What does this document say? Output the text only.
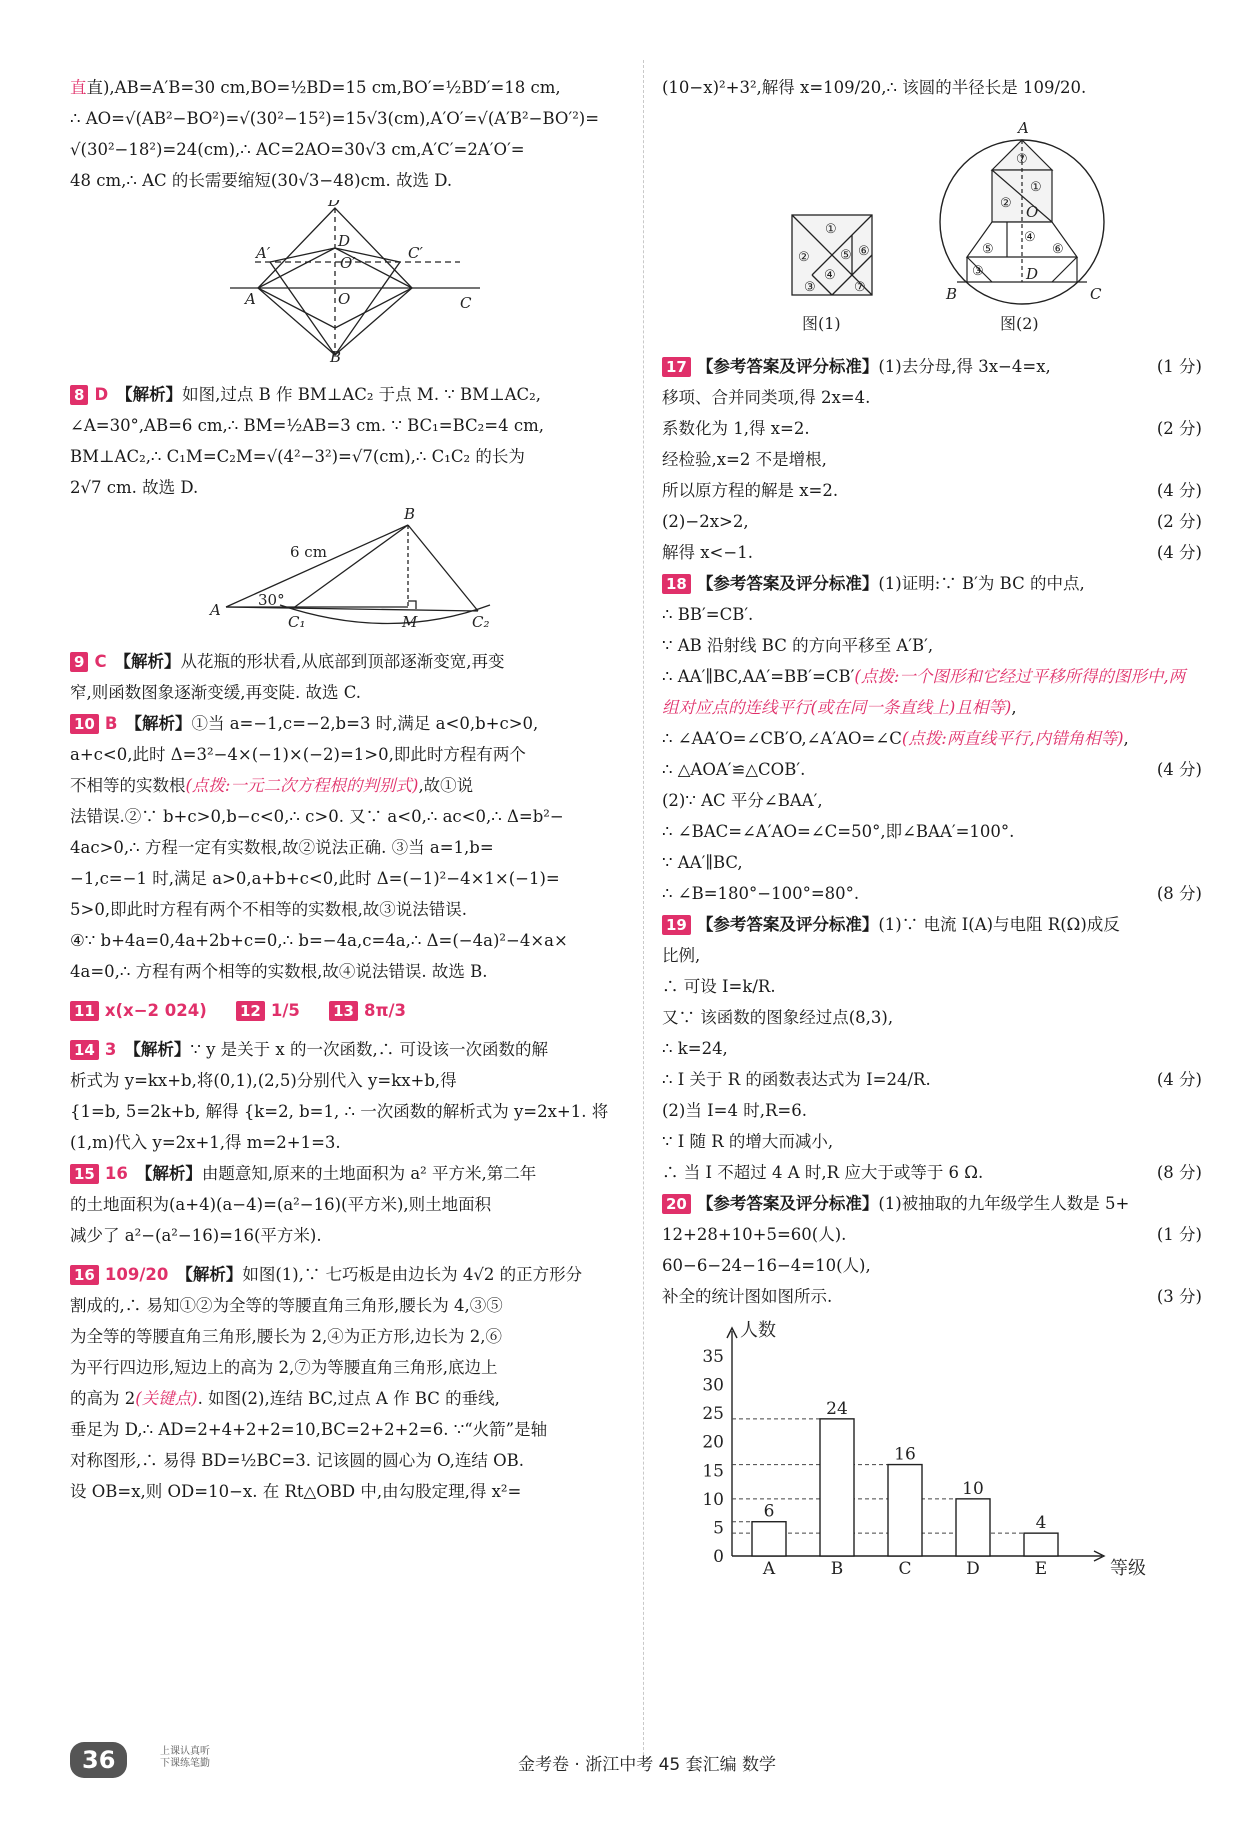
直直),AB=A′B=30 cm,BO=½BD=15 cm,BO′=½BD′=18 cm,
∴ AO=√(AB²−BO²)=√(30²−15²)=15√3(cm),A′O′=√(A′B²−BO′²)=
√(30²−18²)=24(cm),∴ AC=2AO=30√3 cm,A′C′=2A′O′=
48 cm,∴ AC 的长需要缩短(30√3−48)cm. 故选 D.
D′
D
A′
O′
C′
A	O	C
B
8 D 【解析】如图,过点 B 作 BM⊥AC₂ 于点 M. ∵ BM⊥AC₂,
∠A=30°,AB=6 cm,∴ BM=½AB=3 cm. ∵ BC₁=BC₂=4 cm,
BM⊥AC₂,∴ C₁M=C₂M=√(4²−3²)=√7(cm),∴ C₁C₂ 的长为
2√7 cm. 故选 D.
B
6 cm
30°
A
C₁	M	C₂
9 C 【解析】从花瓶的形状看,从底部到顶部逐渐变宽,再变
窄,则函数图象逐渐变缓,再变陡. 故选 C.
10 B 【解析】①当 a=−1,c=−2,b=3 时,满足 a<0,b+c>0,
a+c<0,此时 Δ=3²−4×(−1)×(−2)=1>0,即此时方程有两个
不相等的实数根(点拨:一元二次方程根的判别式),故①说
法错误.②∵ b+c>0,b−c<0,∴ c>0. 又∵ a<0,∴ ac<0,∴ Δ=b²−
4ac>0,∴ 方程一定有实数根,故②说法正确. ③当 a=1,b=
−1,c=−1 时,满足 a>0,a+b+c<0,此时 Δ=(−1)²−4×1×(−1)=
5>0,即此时方程有两个不相等的实数根,故③说法错误.
④∵ b+4a=0,4a+2b+c=0,∴ b=−4a,c=4a,∴ Δ=(−4a)²−4×a×
4a=0,∴ 方程有两个相等的实数根,故④说法错误. 故选 B.
11 x(x−2 024) 12 1/5 13 8π/3
14 3 【解析】∵ y 是关于 x 的一次函数,∴ 可设该一次函数的解
析式为 y=kx+b,将(0,1),(2,5)分别代入 y=kx+b,得
{1=b, 5=2k+b, 解得 {k=2, b=1, ∴ 一次函数的解析式为 y=2x+1. 将
(1,m)代入 y=2x+1,得 m=2+1=3.
15 16 【解析】由题意知,原来的土地面积为 a² 平方米,第二年
的土地面积为(a+4)(a−4)=(a²−16)(平方米),则土地面积
减少了 a²−(a²−16)=16(平方米).
16 109/20 【解析】如图(1),∵ 七巧板是由边长为 4√2 的正方形分
割成的,∴ 易知①②为全等的等腰直角三角形,腰长为 4,③⑤
为全等的等腰直角三角形,腰长为 2,④为正方形,边长为 2,⑥
为平行四边形,短边上的高为 2,⑦为等腰直角三角形,底边上
的高为 2(关键点). 如图(2),连结 BC,过点 A 作 BC 的垂线,
垂足为 D,∴ AD=2+4+2+2=10,BC=2+2+2=6. ∵“火箭”是轴
对称图形,∴ 易得 BD=½BC=3. 记该圆的圆心为 O,连结 OB.
设 OB=x,则 OD=10−x. 在 Rt△OBD 中,由勾股定理,得 x²=
(10−x)²+3²,解得 x=109/20,∴ 该圆的半径长是 109/20.
①
②
③
④
⑤ ⑥
⑦
图(1)
⑦
②
①
④
⑤	⑥
③
A
B	C
D
O
图(2)
17 【参考答案及评分标准】(1)去分母,得 3x−4=x,	(1 分)
移项、合并同类项,得 2x=4.
系数化为 1,得 x=2.	(2 分)
经检验,x=2 不是增根,
所以原方程的解是 x=2.	(4 分)
(2)−2x>2,	(2 分)
解得 x<−1.	(4 分)
18 【参考答案及评分标准】(1)证明:∵ B′为 BC 的中点,
∴ BB′=CB′.
∵ AB 沿射线 BC 的方向平移至 A′B′,
∴ AA′∥BC,AA′=BB′=CB′(点拨:一个图形和它经过平移所得的图形中,两组对应点的连线平行(或在同一条直线上)且相等),
∴ ∠AA′O=∠CB′O,∠A′AO=∠C(点拨:两直线平行,内错角相等),
∴ △AOA′≌△COB′.	(4 分)
(2)∵ AC 平分∠BAA′,
∴ ∠BAC=∠A′AO=∠C=50°,即∠BAA′=100°.
∵ AA′∥BC,
∴ ∠B=180°−100°=80°.	(8 分)
19 【参考答案及评分标准】(1)∵ 电流 I(A)与电阻 R(Ω)成反
比例,
∴ 可设 I=k/R.
又∵ 该函数的图象经过点(8,3),
∴ k=24,
∴ I 关于 R 的函数表达式为 I=24/R.	(4 分)
(2)当 I=4 时,R=6.
∵ I 随 R 的增大而减小,
∴ 当 I 不超过 4 A 时,R 应大于或等于 6 Ω.	(8 分)
20 【参考答案及评分标准】(1)被抽取的九年级学生人数是 5+
12+28+10+5=60(人).	(1 分)
60−6−24−16−4=10(人),
补全的统计图如图所示.	(3 分)
0
5
10
15
20
25
30
35
6
A
24
B
16
C
10
D
4
E
人数
等级
36	上课认真听
下课练笔勤	金考卷 · 浙江中考 45 套汇编 数学
